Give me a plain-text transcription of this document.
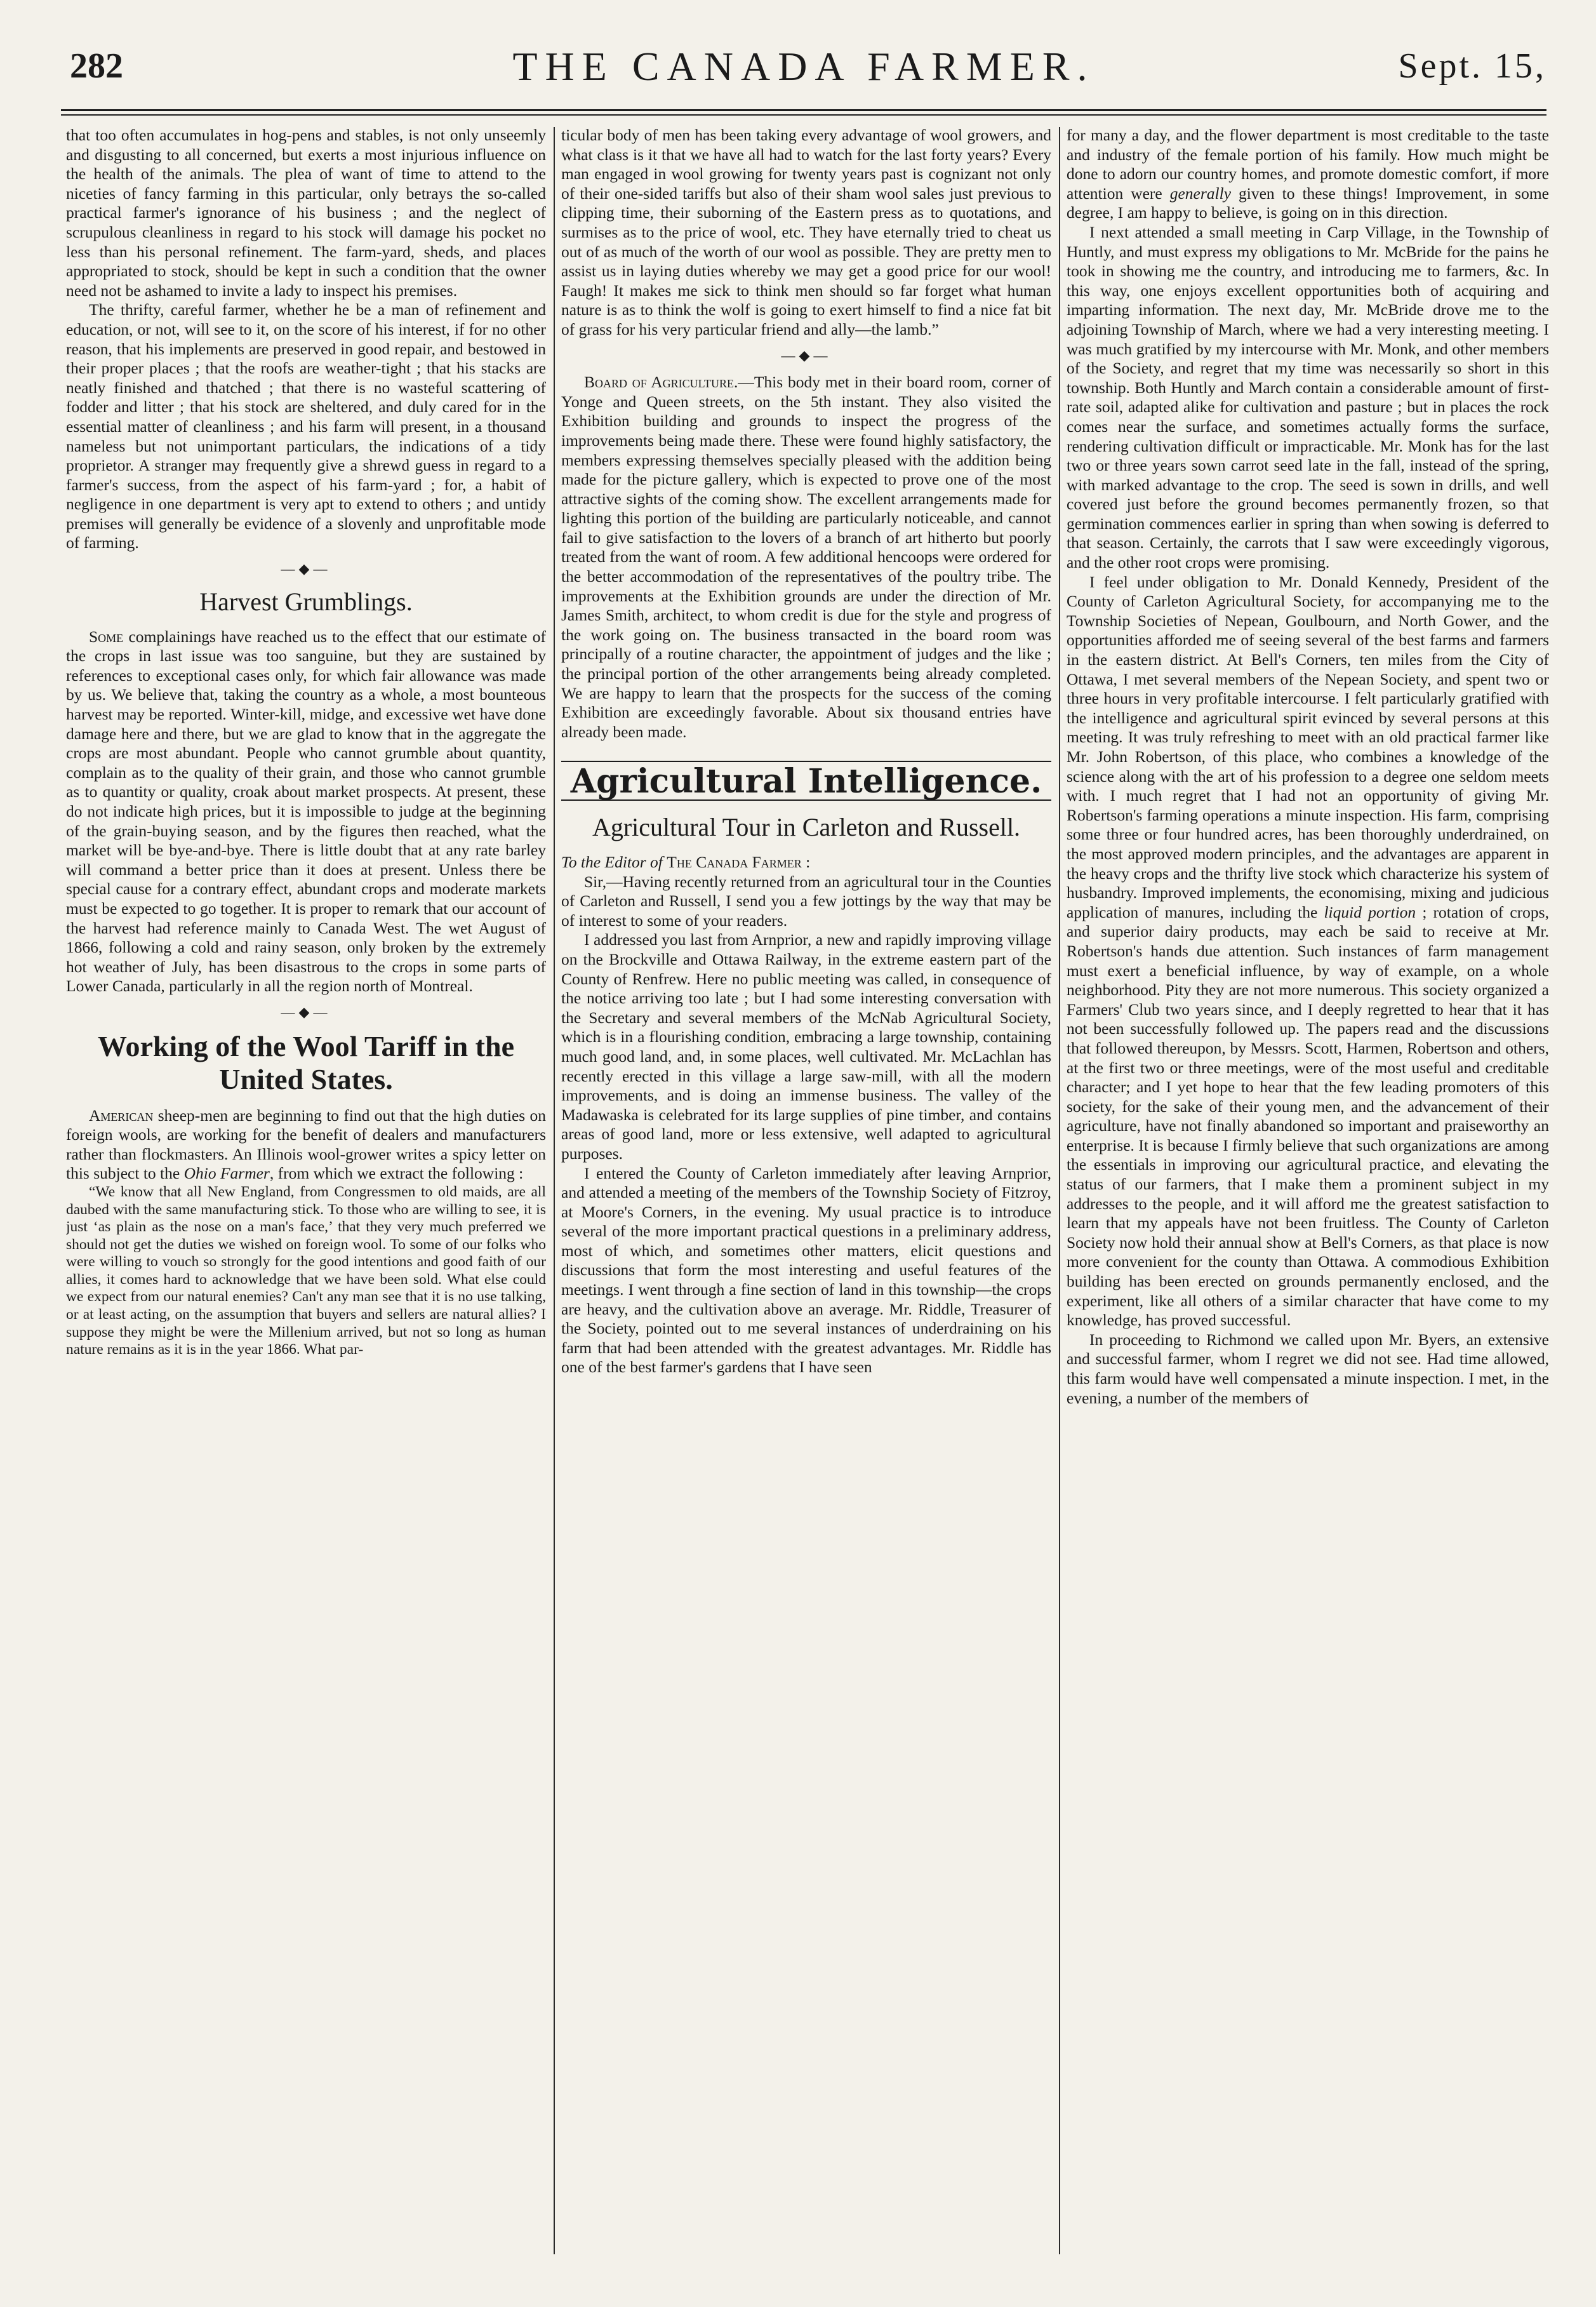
282	THE CANADA FARMER.	Sept. 15,

that too often accumulates in hog-pens and stables, is not only unseemly and disgusting to all concerned, but exerts a most injurious influence on the health of the animals. The plea of want of time to attend to the niceties of fancy farming in this particular, only betrays the so-called practical farmer's ignorance of his business ; and the neglect of scrupulous cleanliness in regard to his stock will damage his pocket no less than his personal refinement. The farm-yard, sheds, and places appropriated to stock, should be kept in such a condition that the owner need not be ashamed to invite a lady to inspect his premises.

The thrifty, careful farmer, whether he be a man of refinement and education, or not, will see to it, on the score of his interest, if for no other reason, that his implements are preserved in good repair, and bestowed in their proper places ; that the roofs are weather-tight ; that his stacks are neatly finished and thatched ; that there is no wasteful scattering of fodder and litter ; that his stock are sheltered, and duly cared for in the essential matter of cleanliness ; and his farm will present, in a thousand nameless but not unimportant particulars, the indications of a tidy proprietor. A stranger may frequently give a shrewd guess in regard to a farmer's success, from the aspect of his farm-yard ; for, a habit of negligence in one department is very apt to extend to others ; and untidy premises will generally be evidence of a slovenly and unprofitable mode of farming.

—◆—
Harvest Grumblings.

Some complainings have reached us to the effect that our estimate of the crops in last issue was too sanguine, but they are sustained by references to exceptional cases only, for which fair allowance was made by us. We believe that, taking the country as a whole, a most bounteous harvest may be reported. Winter-kill, midge, and excessive wet have done damage here and there, but we are glad to know that in the aggregate the crops are most abundant. People who cannot grumble about quantity, complain as to the quality of their grain, and those who cannot grumble as to quantity or quality, croak about market prospects. At present, these do not indicate high prices, but it is impossible to judge at the beginning of the grain-buying season, and by the figures then reached, what the market will be bye-and-bye. There is little doubt that at any rate barley will command a better price than it does at present. Unless there be special cause for a contrary effect, abundant crops and moderate markets must be expected to go together. It is proper to remark that our account of the harvest had reference mainly to Canada West. The wet August of 1866, following a cold and rainy season, only broken by the extremely hot weather of July, has been disastrous to the crops in some parts of Lower Canada, particularly in all the region north of Montreal.

—◆—
Working of the Wool Tariff in the United States.

American sheep-men are beginning to find out that the high duties on foreign wools, are working for the benefit of dealers and manufacturers rather than flockmasters. An Illinois wool-grower writes a spicy letter on this subject to the Ohio Farmer, from which we extract the following :

“We know that all New England, from Congressmen to old maids, are all daubed with the same manufacturing stick. To those who are willing to see, it is just ‘as plain as the nose on a man's face,’ that they very much preferred we should not get the duties we wished on foreign wool. To some of our folks who were willing to vouch so strongly for the good intentions and good faith of our allies, it comes hard to acknowledge that we have been sold. What else could we expect from our natural enemies? Can't any man see that it is no use talking, or at least acting, on the assumption that buyers and sellers are natural allies? I suppose they might be were the Millenium arrived, but not so long as human nature remains as it is in the year 1866. What par-

ticular body of men has been taking every advantage of wool growers, and what class is it that we have all had to watch for the last forty years? Every man engaged in wool growing for twenty years past is cognizant not only of their one-sided tariffs but also of their sham wool sales just previous to clipping time, their suborning of the Eastern press as to quotations, and surmises as to the price of wool, etc. They have eternally tried to cheat us out of as much of the worth of our wool as possible. They are pretty men to assist us in laying duties whereby we may get a good price for our wool! Faugh! It makes me sick to think men should so far forget what human nature is as to think the wolf is going to exert himself to find a nice fat bit of grass for his very particular friend and ally—the lamb.”

—◆—

Board of Agriculture.—This body met in their board room, corner of Yonge and Queen streets, on the 5th instant. They also visited the Exhibition building and grounds to inspect the progress of the improvements being made there. These were found highly satisfactory, the members expressing themselves specially pleased with the addition being made for the picture gallery, which is expected to prove one of the most attractive sights of the coming show. The excellent arrangements made for lighting this portion of the building are particularly noticeable, and cannot fail to give satisfaction to the lovers of a branch of art hitherto but poorly treated from the want of room. A few additional hencoops were ordered for the better accommodation of the representatives of the poultry tribe. The improvements at the Exhibition grounds are under the direction of Mr. James Smith, architect, to whom credit is due for the style and progress of the work going on. The business transacted in the board room was principally of a routine character, the appointment of judges and the like ; the principal portion of the other arrangements being already completed. We are happy to learn that the prospects for the success of the coming Exhibition are exceedingly favorable. About six thousand entries have already been made.

Agricultural Intelligence.
Agricultural Tour in Carleton and Russell.

To the Editor of The Canada Farmer :

Sir,—Having recently returned from an agricultural tour in the Counties of Carleton and Russell, I send you a few jottings by the way that may be of interest to some of your readers.

I addressed you last from Arnprior, a new and rapidly improving village on the Brockville and Ottawa Railway, in the extreme eastern part of the County of Renfrew. Here no public meeting was called, in consequence of the notice arriving too late ; but I had some interesting conversation with the Secretary and several members of the McNab Agricultural Society, which is in a flourishing condition, embracing a large township, containing much good land, and, in some places, well cultivated. Mr. McLachlan has recently erected in this village a large saw-mill, with all the modern improvements, and is doing an immense business. The valley of the Madawaska is celebrated for its large supplies of pine timber, and contains areas of good land, more or less extensive, well adapted to agricultural purposes.

I entered the County of Carleton immediately after leaving Arnprior, and attended a meeting of the members of the Township Society of Fitzroy, at Moore's Corners, in the evening. My usual practice is to introduce several of the more important practical questions in a preliminary address, most of which, and sometimes other matters, elicit questions and discussions that form the most interesting and useful features of the meetings. I went through a fine section of land in this township—the crops are heavy, and the cultivation above an average. Mr. Riddle, Treasurer of the Society, pointed out to me several instances of underdraining on his farm that had been attended with the greatest advantages. Mr. Riddle has one of the best farmer's gardens that I have seen

for many a day, and the flower department is most creditable to the taste and industry of the female portion of his family. How much might be done to adorn our country homes, and promote domestic comfort, if more attention were generally given to these things! Improvement, in some degree, I am happy to believe, is going on in this direction.

I next attended a small meeting in Carp Village, in the Township of Huntly, and must express my obligations to Mr. McBride for the pains he took in showing me the country, and introducing me to farmers, &c. In this way, one enjoys excellent opportunities both of acquiring and imparting information. The next day, Mr. McBride drove me to the adjoining Township of March, where we had a very interesting meeting. I was much gratified by my intercourse with Mr. Monk, and other members of the Society, and regret that my time was necessarily so short in this township. Both Huntly and March contain a considerable amount of first-rate soil, adapted alike for cultivation and pasture ; but in places the rock comes near the surface, and sometimes actually forms the surface, rendering cultivation difficult or impracticable. Mr. Monk has for the last two or three years sown carrot seed late in the fall, instead of the spring, with marked advantage to the crop. The seed is sown in drills, and well covered just before the ground becomes permanently frozen, so that germination commences earlier in spring than when sowing is deferred to that season. Certainly, the carrots that I saw were exceedingly vigorous, and the other root crops were promising.

I feel under obligation to Mr. Donald Kennedy, President of the County of Carleton Agricultural Society, for accompanying me to the Township Societies of Nepean, Goulbourn, and North Gower, and the opportunities afforded me of seeing several of the best farms and farmers in the eastern district. At Bell's Corners, ten miles from the City of Ottawa, I met several members of the Nepean Society, and spent two or three hours in very profitable intercourse. I felt particularly gratified with the intelligence and agricultural spirit evinced by several persons at this meeting. It was truly refreshing to meet with an old practical farmer like Mr. John Robertson, of this place, who combines a knowledge of the science along with the art of his profession to a degree one seldom meets with. I much regret that I had not an opportunity of giving Mr. Robertson's farming operations a minute inspection. His farm, comprising some three or four hundred acres, has been thoroughly underdrained, on the most approved modern principles, and the advantages are apparent in the heavy crops and the thrifty live stock which characterize his system of husbandry. Improved implements, the economising, mixing and judicious application of manures, including the liquid portion ; rotation of crops, and superior dairy products, may each be said to receive at Mr. Robertson's hands due attention. Such instances of farm management must exert a beneficial influence, by way of example, on a whole neighborhood. Pity they are not more numerous. This society organized a Farmers' Club two years since, and I deeply regretted to hear that it has not been successfully followed up. The papers read and the discussions that followed thereupon, by Messrs. Scott, Harmen, Robertson and others, at the first two or three meetings, were of the most useful and creditable character; and I yet hope to hear that the few leading promoters of this society, for the sake of their young men, and the advancement of their agriculture, have not finally abandoned so important and praiseworthy an enterprise. It is because I firmly believe that such organizations are among the essentials in improving our agricultural practice, and elevating the status of our farmers, that I make them a prominent subject in my addresses to the people, and it will afford me the greatest satisfaction to learn that my appeals have not been fruitless. The County of Carleton Society now hold their annual show at Bell's Corners, as that place is now more convenient for the county than Ottawa. A commodious Exhibition building has been erected on grounds permanently enclosed, and the experiment, like all others of a similar character that have come to my knowledge, has proved successful.

In proceeding to Richmond we called upon Mr. Byers, an extensive and successful farmer, whom I regret we did not see. Had time allowed, this farm would have well compensated a minute inspection. I met, in the evening, a number of the members of
